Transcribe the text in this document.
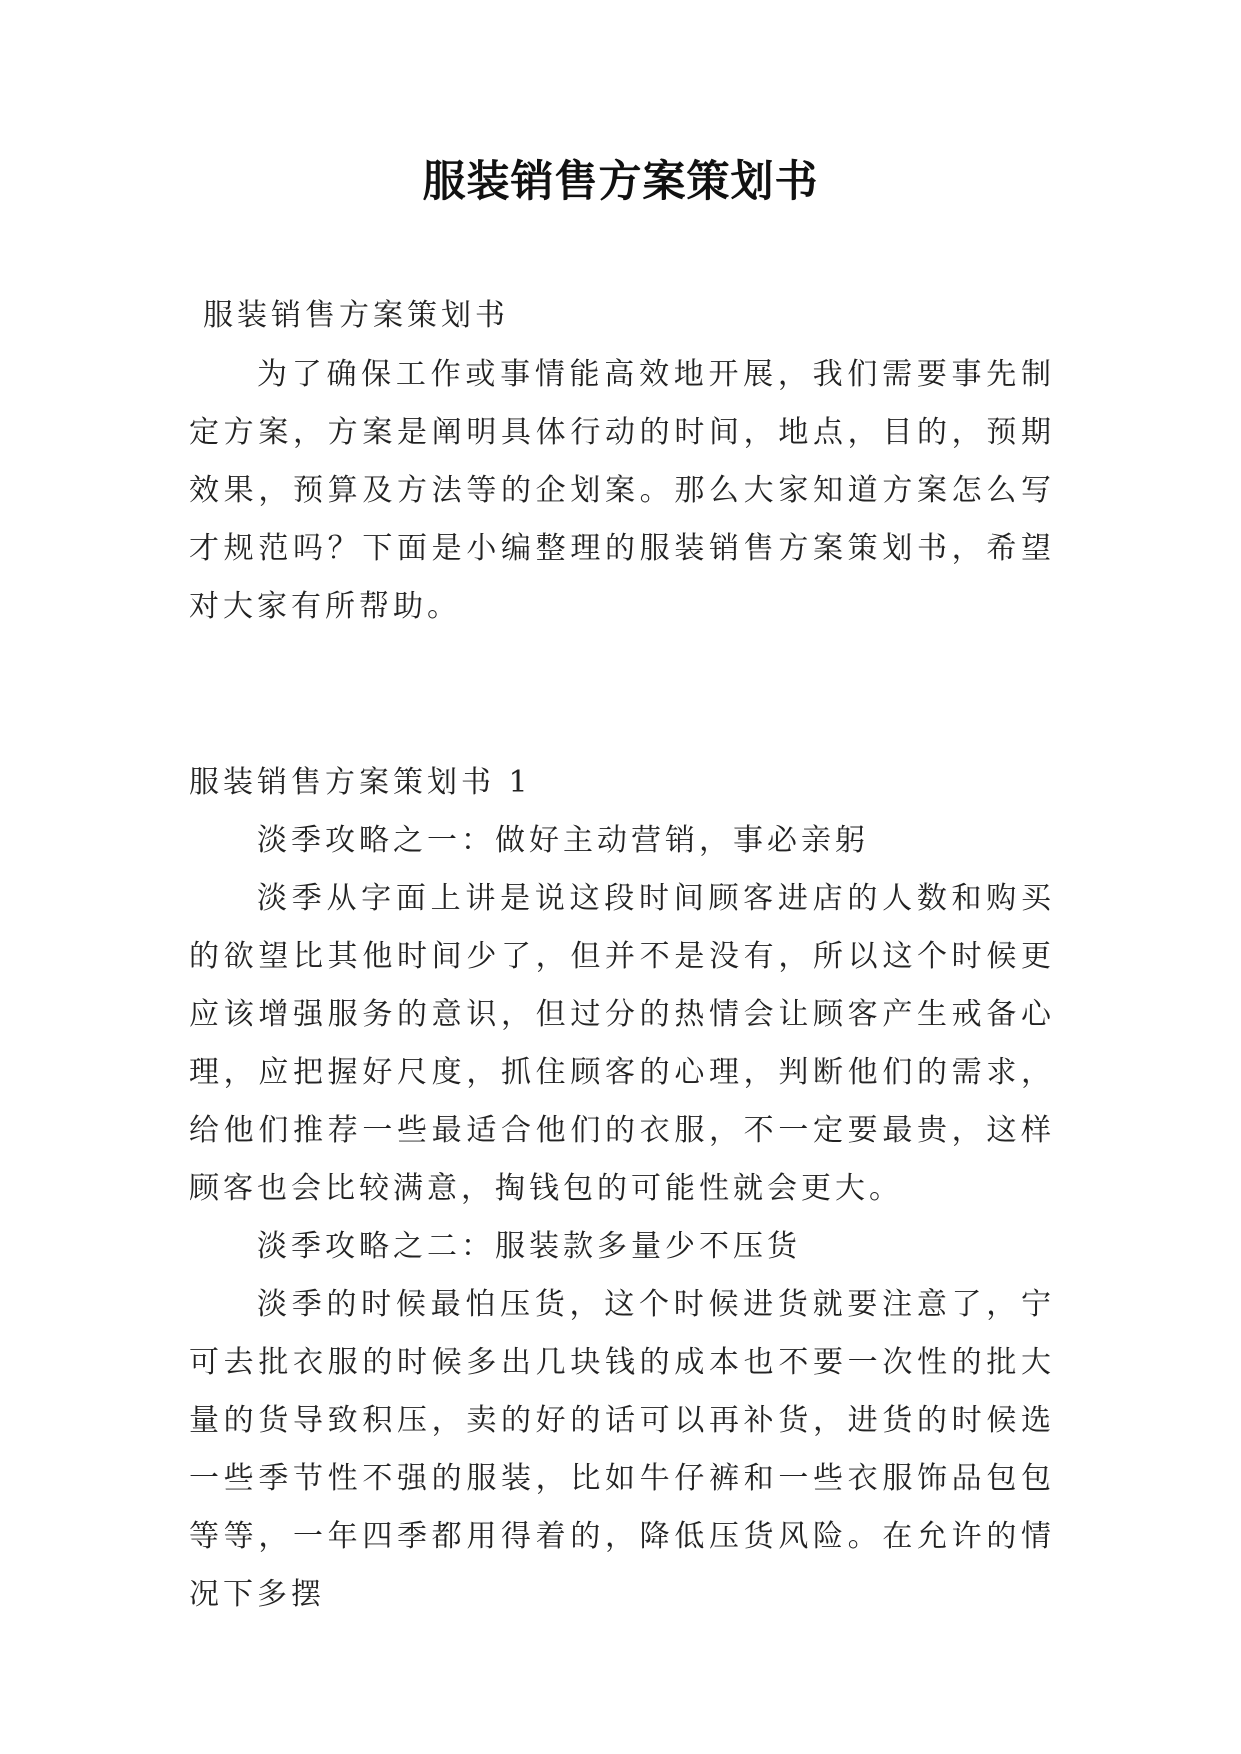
服装销售方案策划书
服装销售方案策划书

为了确保工作或事情能高效地开展，我们需要事先制定方案，方案是阐明具体行动的时间，地点，目的，预期效果，预算及方法等的企划案。那么大家知道方案怎么写才规范吗？下面是小编整理的服装销售方案策划书，希望对大家有所帮助。

服装销售方案策划书 1

淡季攻略之一：做好主动营销，事必亲躬

淡季从字面上讲是说这段时间顾客进店的人数和购买的欲望比其他时间少了，但并不是没有，所以这个时候更应该增强服务的意识，但过分的热情会让顾客产生戒备心理，应把握好尺度，抓住顾客的心理，判断他们的需求，给他们推荐一些最适合他们的衣服，不一定要最贵，这样顾客也会比较满意，掏钱包的可能性就会更大。

淡季攻略之二：服装款多量少不压货

淡季的时候最怕压货，这个时候进货就要注意了，宁可去批衣服的时候多出几块钱的成本也不要一次性的批大量的货导致积压，卖的好的话可以再补货，进货的时候选一些季节性不强的服装，比如牛仔裤和一些衣服饰品包包等等，一年四季都用得着的，降低压货风险。在允许的情况下多摆
